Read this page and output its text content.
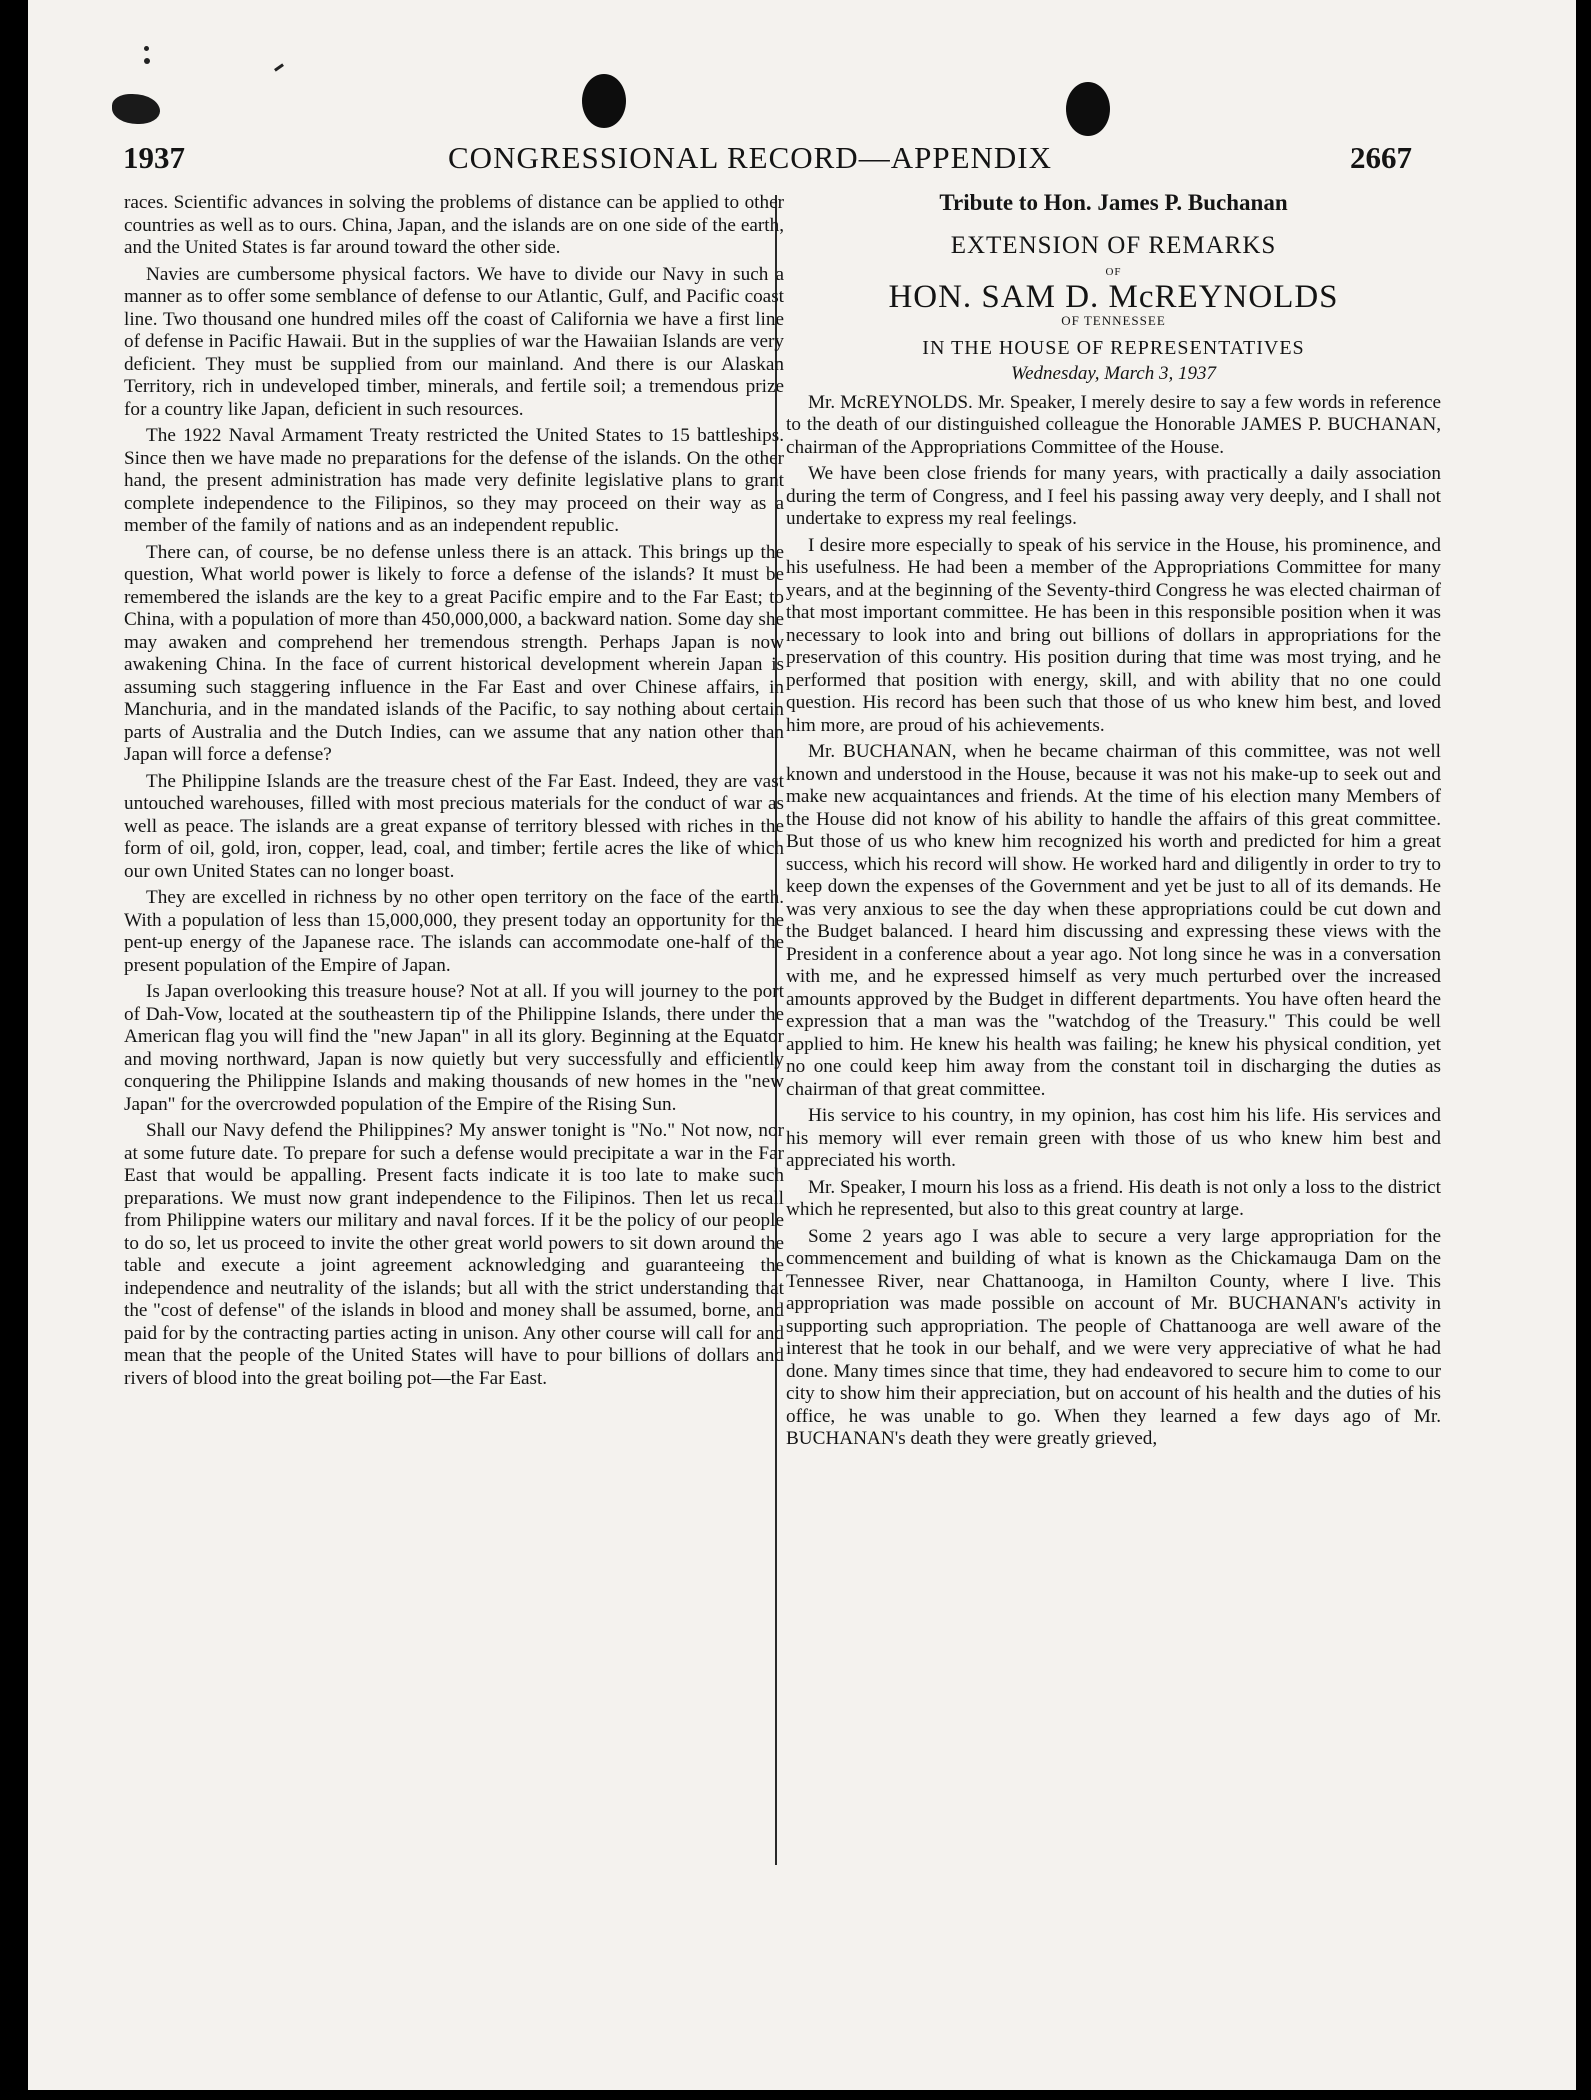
1937	CONGRESSIONAL RECORD—APPENDIX	2667

races. Scientific advances in solving the problems of distance can be applied to other countries as well as to ours. China, Japan, and the islands are on one side of the earth, and the United States is far around toward the other side.

Navies are cumbersome physical factors. We have to divide our Navy in such a manner as to offer some semblance of defense to our Atlantic, Gulf, and Pacific coast line. Two thousand one hundred miles off the coast of California we have a first line of defense in Pacific Hawaii. But in the supplies of war the Hawaiian Islands are very deficient. They must be supplied from our mainland. And there is our Alaskan Territory, rich in undeveloped timber, minerals, and fertile soil; a tremendous prize for a country like Japan, deficient in such resources.

The 1922 Naval Armament Treaty restricted the United States to 15 battleships. Since then we have made no preparations for the defense of the islands. On the other hand, the present administration has made very definite legislative plans to grant complete independence to the Filipinos, so they may proceed on their way as a member of the family of nations and as an independent republic.

There can, of course, be no defense unless there is an attack. This brings up the question, What world power is likely to force a defense of the islands? It must be remembered the islands are the key to a great Pacific empire and to the Far East; to China, with a population of more than 450,000,000, a backward nation. Some day she may awaken and comprehend her tremendous strength. Perhaps Japan is now awakening China. In the face of current historical development wherein Japan is assuming such staggering influence in the Far East and over Chinese affairs, in Manchuria, and in the mandated islands of the Pacific, to say nothing about certain parts of Australia and the Dutch Indies, can we assume that any nation other than Japan will force a defense?

The Philippine Islands are the treasure chest of the Far East. Indeed, they are vast untouched warehouses, filled with most precious materials for the conduct of war as well as peace. The islands are a great expanse of territory blessed with riches in the form of oil, gold, iron, copper, lead, coal, and timber; fertile acres the like of which our own United States can no longer boast.

They are excelled in richness by no other open territory on the face of the earth. With a population of less than 15,000,000, they present today an opportunity for the pent-up energy of the Japanese race. The islands can accommodate one-half of the present population of the Empire of Japan.

Is Japan overlooking this treasure house? Not at all. If you will journey to the port of Dah-Vow, located at the southeastern tip of the Philippine Islands, there under the American flag you will find the "new Japan" in all its glory. Beginning at the Equator and moving northward, Japan is now quietly but very successfully and efficiently conquering the Philippine Islands and making thousands of new homes in the "new Japan" for the overcrowded population of the Empire of the Rising Sun.

Shall our Navy defend the Philippines? My answer tonight is "No." Not now, nor at some future date. To prepare for such a defense would precipitate a war in the Far East that would be appalling. Present facts indicate it is too late to make such preparations. We must now grant independence to the Filipinos. Then let us recall from Philippine waters our military and naval forces. If it be the policy of our people to do so, let us proceed to invite the other great world powers to sit down around the table and execute a joint agreement acknowledging and guaranteeing the independence and neutrality of the islands; but all with the strict understanding that the "cost of defense" of the islands in blood and money shall be assumed, borne, and paid for by the contracting parties acting in unison. Any other course will call for and mean that the people of the United States will have to pour billions of dollars and rivers of blood into the great boiling pot—the Far East.

Tribute to Hon. James P. Buchanan
EXTENSION OF REMARKS
OF
HON. SAM D. McREYNOLDS
OF TENNESSEE
IN THE HOUSE OF REPRESENTATIVES
Wednesday, March 3, 1937

Mr. McREYNOLDS. Mr. Speaker, I merely desire to say a few words in reference to the death of our distinguished colleague the Honorable JAMES P. BUCHANAN, chairman of the Appropriations Committee of the House.

We have been close friends for many years, with practically a daily association during the term of Congress, and I feel his passing away very deeply, and I shall not undertake to express my real feelings.

I desire more especially to speak of his service in the House, his prominence, and his usefulness. He had been a member of the Appropriations Committee for many years, and at the beginning of the Seventy-third Congress he was elected chairman of that most important committee. He has been in this responsible position when it was necessary to look into and bring out billions of dollars in appropriations for the preservation of this country. His position during that time was most trying, and he performed that position with energy, skill, and with ability that no one could question. His record has been such that those of us who knew him best, and loved him more, are proud of his achievements.

Mr. BUCHANAN, when he became chairman of this committee, was not well known and understood in the House, because it was not his make-up to seek out and make new acquaintances and friends. At the time of his election many Members of the House did not know of his ability to handle the affairs of this great committee. But those of us who knew him recognized his worth and predicted for him a great success, which his record will show. He worked hard and diligently in order to try to keep down the expenses of the Government and yet be just to all of its demands. He was very anxious to see the day when these appropriations could be cut down and the Budget balanced. I heard him discussing and expressing these views with the President in a conference about a year ago. Not long since he was in a conversation with me, and he expressed himself as very much perturbed over the increased amounts approved by the Budget in different departments. You have often heard the expression that a man was the "watchdog of the Treasury." This could be well applied to him. He knew his health was failing; he knew his physical condition, yet no one could keep him away from the constant toil in discharging the duties as chairman of that great committee.

His service to his country, in my opinion, has cost him his life. His services and his memory will ever remain green with those of us who knew him best and appreciated his worth.

Mr. Speaker, I mourn his loss as a friend. His death is not only a loss to the district which he represented, but also to this great country at large.

Some 2 years ago I was able to secure a very large appropriation for the commencement and building of what is known as the Chickamauga Dam on the Tennessee River, near Chattanooga, in Hamilton County, where I live. This appropriation was made possible on account of Mr. BUCHANAN's activity in supporting such appropriation. The people of Chattanooga are well aware of the interest that he took in our behalf, and we were very appreciative of what he had done. Many times since that time, they had endeavored to secure him to come to our city to show him their appreciation, but on account of his health and the duties of his office, he was unable to go. When they learned a few days ago of Mr. BUCHANAN's death they were greatly grieved,
